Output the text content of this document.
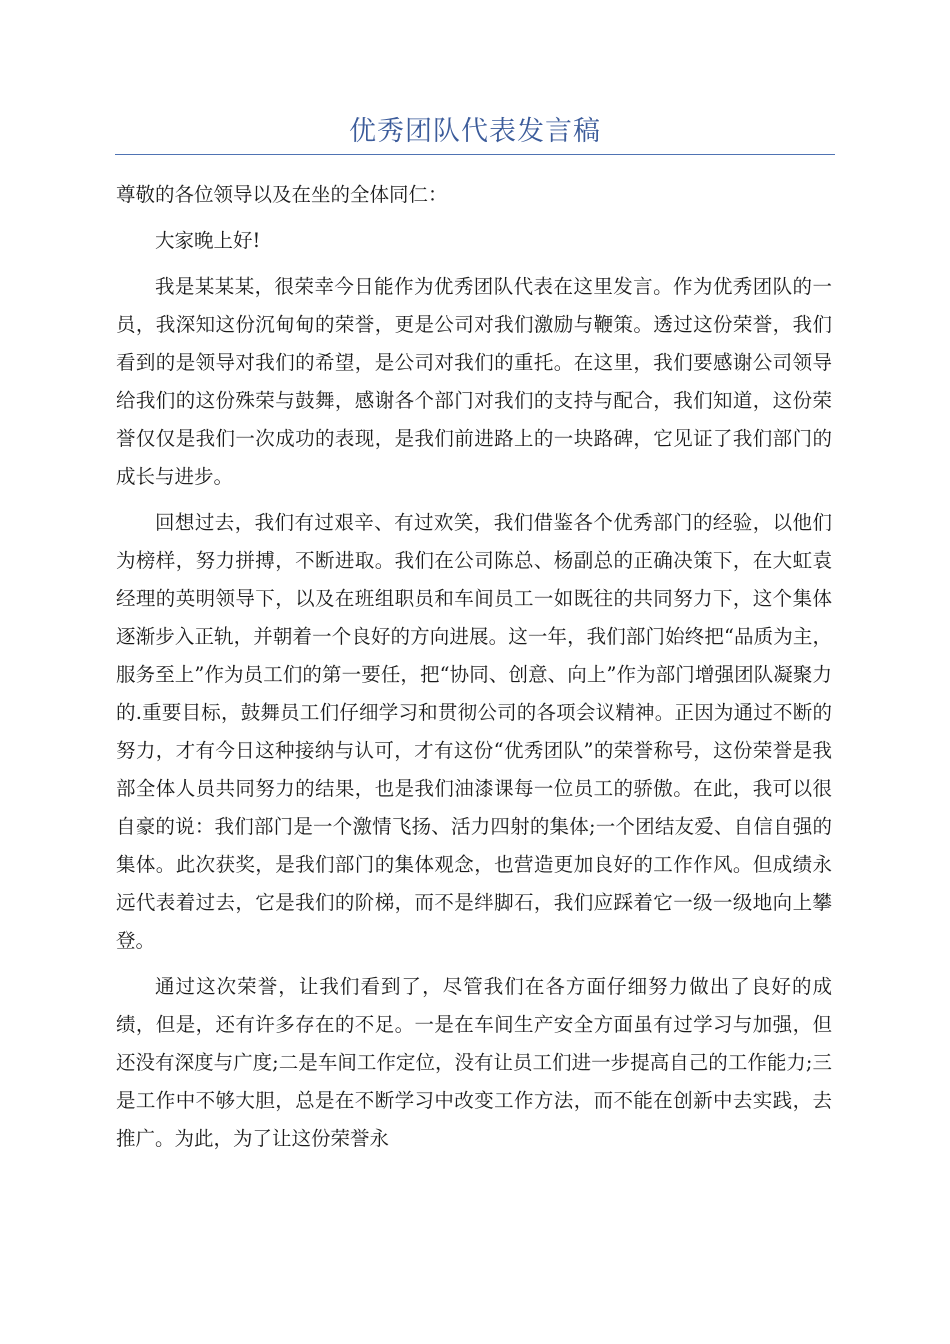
优秀团队代表发言稿

尊敬的各位领导以及在坐的全体同仁：

大家晚上好!

我是某某某，很荣幸今日能作为优秀团队代表在这里发言。作为优秀团队的一员，我深知这份沉甸甸的荣誉，更是公司对我们激励与鞭策。透过这份荣誉，我们看到的是领导对我们的希望，是公司对我们的重托。在这里，我们要感谢公司领导给我们的这份殊荣与鼓舞，感谢各个部门对我们的支持与配合，我们知道，这份荣誉仅仅是我们一次成功的表现，是我们前进路上的一块路碑，它见证了我们部门的成长与进步。

回想过去，我们有过艰辛、有过欢笑，我们借鉴各个优秀部门的经验，以他们为榜样，努力拼搏，不断进取。我们在公司陈总、杨副总的正确决策下，在大虹袁经理的英明领导下，以及在班组职员和车间员工一如既往的共同努力下，这个集体逐渐步入正轨，并朝着一个良好的方向进展。这一年，我们部门始终把“品质为主，服务至上”作为员工们的第一要任，把“协同、创意、向上”作为部门增强团队凝聚力的.重要目标，鼓舞员工们仔细学习和贯彻公司的各项会议精神。正因为通过不断的努力，才有今日这种接纳与认可，才有这份“优秀团队”的荣誉称号，这份荣誉是我部全体人员共同努力的结果，也是我们油漆课每一位员工的骄傲。在此，我可以很自豪的说：我们部门是一个激情飞扬、活力四射的集体;一个团结友爱、自信自强的集体。此次获奖，是我们部门的集体观念，也营造更加良好的工作作风。但成绩永远代表着过去，它是我们的阶梯，而不是绊脚石，我们应踩着它一级一级地向上攀登。

通过这次荣誉，让我们看到了，尽管我们在各方面仔细努力做出了良好的成绩，但是，还有许多存在的不足。一是在车间生产安全方面虽有过学习与加强，但还没有深度与广度;二是车间工作定位，没有让员工们进一步提高自己的工作能力;三是工作中不够大胆，总是在不断学习中改变工作方法，而不能在创新中去实践，去推广。为此，为了让这份荣誉永
